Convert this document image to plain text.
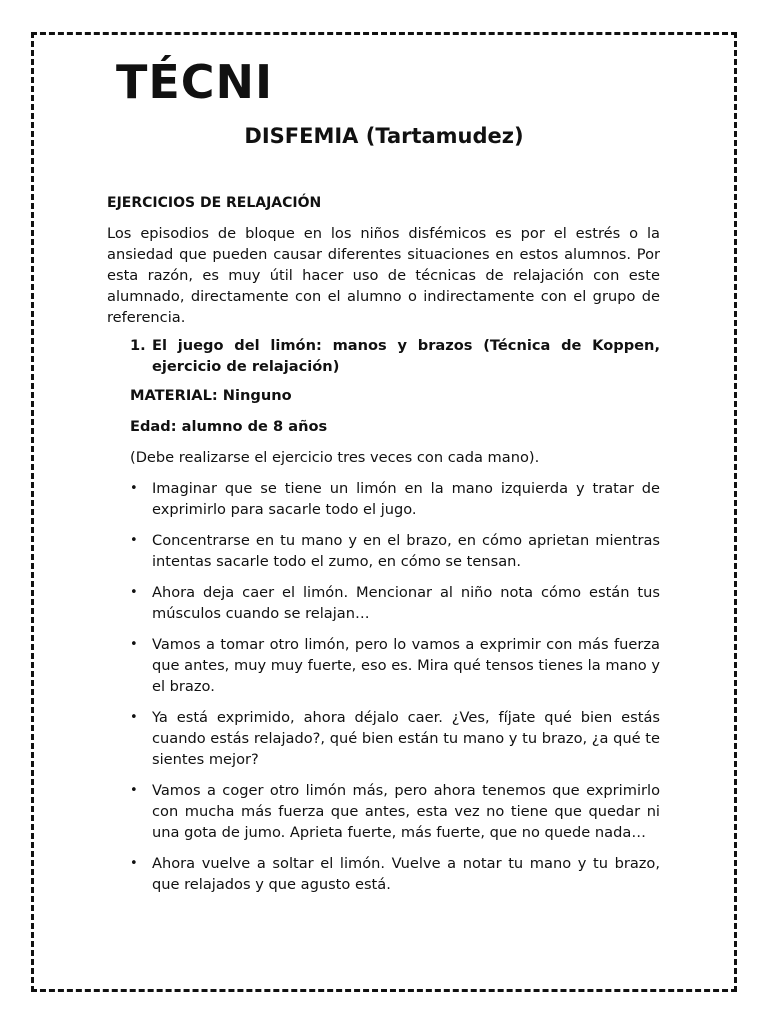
TÉCNI
DISFEMIA (Tartamudez)
EJERCICIOS DE RELAJACIÓN

Los episodios de bloque en los niños disfémicos es por el estrés o la ansiedad que pueden causar diferentes situaciones en estos alumnos. Por esta razón, es muy útil hacer uso de técnicas de relajación con este alumnado, directamente con el alumno o indirectamente con el grupo de referencia.

1. El juego del limón: manos y brazos (Técnica de Koppen, ejercicio de relajación)
MATERIAL: Ninguno
Edad: alumno de 8 años
(Debe realizarse el ejercicio tres veces con cada mano).
• Imaginar que se tiene un limón en la mano izquierda y tratar de exprimirlo para sacarle todo el jugo.
• Concentrarse en tu mano y en el brazo, en cómo aprietan mientras intentas sacarle todo el zumo, en cómo se tensan.
• Ahora deja caer el limón. Mencionar al niño nota cómo están tus músculos cuando se relajan…
• Vamos a tomar otro limón, pero lo vamos a exprimir con más fuerza que antes, muy muy fuerte, eso es. Mira qué tensos tienes la mano y el brazo.
• Ya está exprimido, ahora déjalo caer. ¿Ves, fíjate qué bien estás cuando estás relajado?, qué bien están tu mano y tu brazo, ¿a qué te sientes mejor?
• Vamos a coger otro limón más, pero ahora tenemos que exprimirlo con mucha más fuerza que antes, esta vez no tiene que quedar ni una gota de jumo. Aprieta fuerte, más fuerte, que no quede nada…
• Ahora vuelve a soltar el limón. Vuelve a notar tu mano y tu brazo, que relajados y que agusto está.
